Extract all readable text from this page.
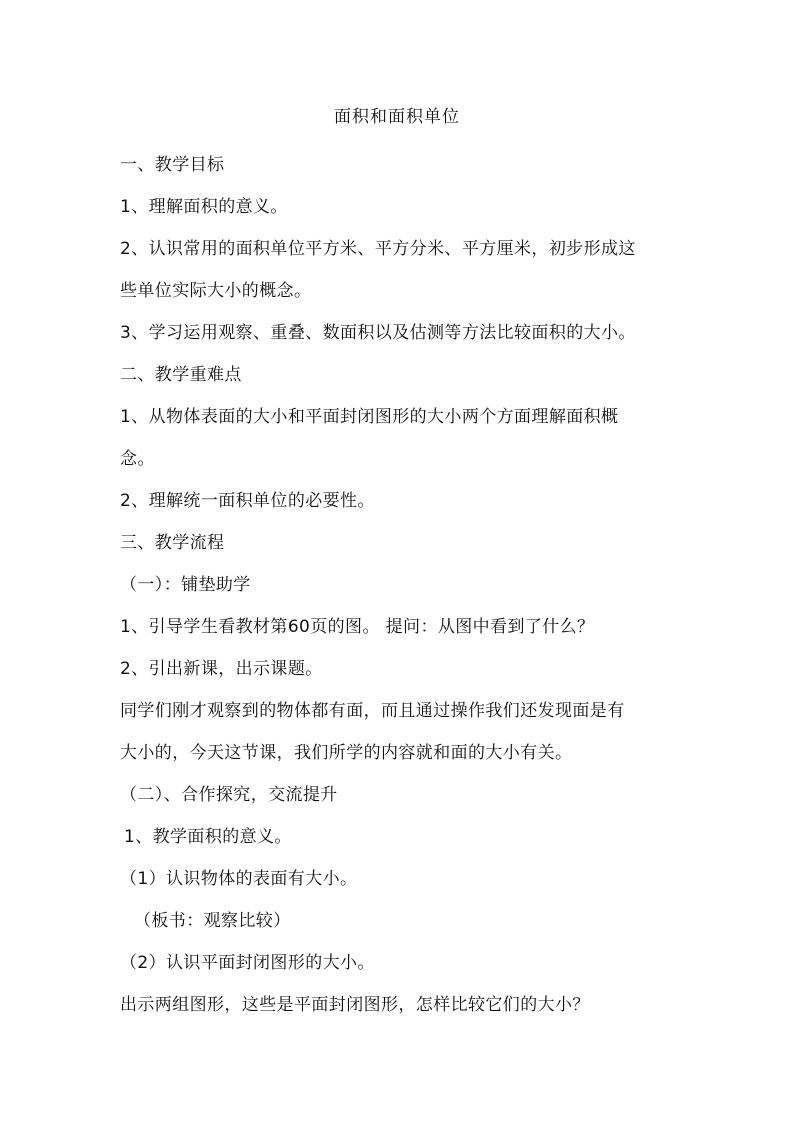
面积和面积单位
一、教学目标
1、理解面积的意义。
2、认识常用的面积单位平方米、平方分米、平方厘米，初步形成这
些单位实际大小的概念。
3、学习运用观察、重叠、数面积以及估测等方法比较面积的大小。
二、教学重难点
1、从物体表面的大小和平面封闭图形的大小两个方面理解面积概
念。
2、理解统一面积单位的必要性。
三、教学流程
（一）：铺垫助学
1、引导学生看教材第60页的图。 提问：从图中看到了什么？
2、引出新课，出示课题。
同学们刚才观察到的物体都有面，而且通过操作我们还发现面是有
大小的，今天这节课，我们所学的内容就和面的大小有关。
（二）、合作探究，交流提升
1、教学面积的意义。
（1）认识物体的表面有大小。
（板书：观察比较）
（2）认识平面封闭图形的大小。
出示两组图形，这些是平面封闭图形，怎样比较它们的大小？
